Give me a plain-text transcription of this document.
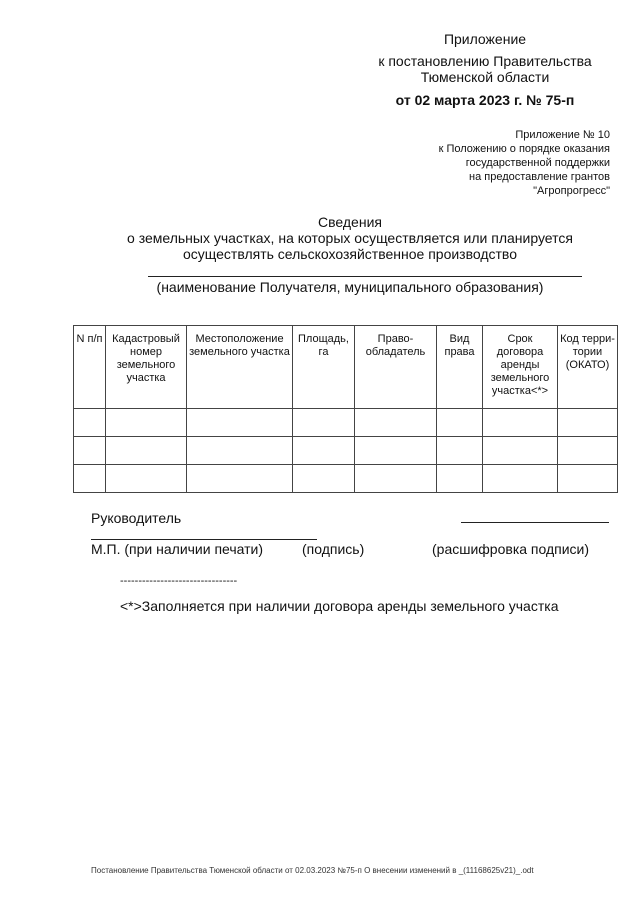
Приложение
к постановлению Правительства
Тюменской области
от 02 марта 2023 г. № 75-п
Приложение № 10
к Положению о порядке оказания
государственной поддержки
на предоставление грантов
"Агропрогресс"
Сведения
о земельных участках, на которых осуществляется или планируется
осуществлять сельскохозяйственное производство
(наименование Получателя, муниципального образования)
N п/п	Кадастровый номер земельного участка	Местоположение земельного участка	Площадь, га	Право-обладатель	Вид права	Срок договора аренды земельного участка<*>	Код терри-тории (ОКАТО)

Руководитель
М.П. (при наличии печати)	(подпись)	(расшифровка подписи)
--------------------------------
<*>Заполняется при наличии договора аренды земельного участка
Постановление Правительства Тюменской области от 02.03.2023 №75-п О внесении изменений в _(11168625v21)_.odt
